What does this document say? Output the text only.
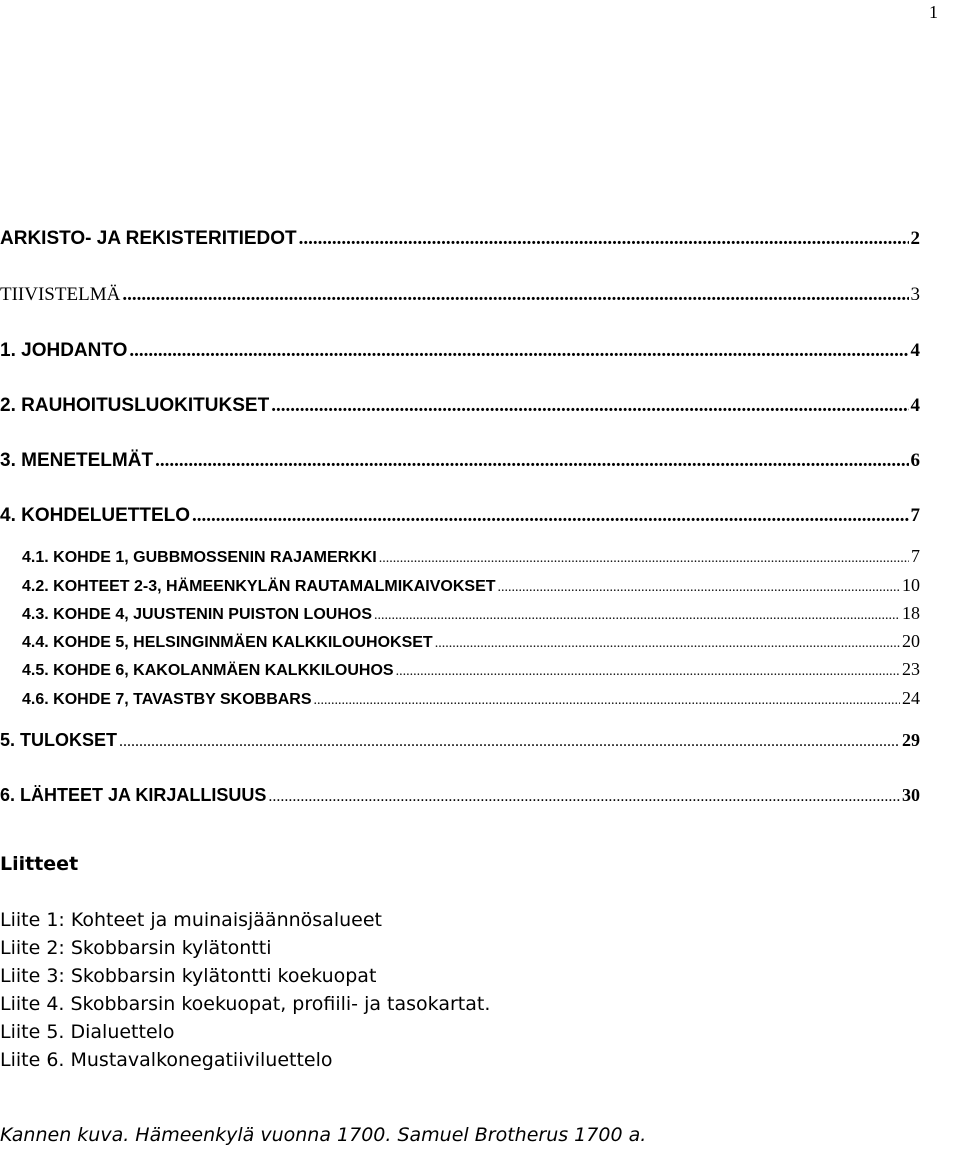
1
ARKISTO- JA REKISTERITIEDOT .....	2
TIIVISTELMÄ .....	3
1. JOHDANTO .....	4
2. RAUHOITUSLUOKITUKSET .....	4
3. MENETELMÄT .....	6
4. KOHDELUETTELO .....	7
4.1. KOHDE 1, GUBBMOSSENIN RAJAMERKKI .....	7
4.2. KOHTEET 2-3, HÄMEENKYLÄN RAUTAMALMIKAIVOKSET .....	10
4.3. KOHDE 4, JUUSTENIN PUISTON LOUHOS .....	18
4.4. KOHDE 5, HELSINGINMÄEN KALKKILOUHOKSET .....	20
4.5. KOHDE 6, KAKOLANMÄEN KALKKILOUHOS .....	23
4.6. KOHDE 7, TAVASTBY SKOBBARS .....	24
5. TULOKSET .....	29
6. LÄHTEET JA KIRJALLISUUS .....	30
Liitteet
Liite 1: Kohteet ja muinaisjäännösalueet
Liite 2: Skobbarsin kylätontti
Liite 3: Skobbarsin kylätontti koekuopat
Liite 4. Skobbarsin koekuopat, profiili- ja tasokartat.
Liite 5. Dialuettelo
Liite 6. Mustavalkonegatiiviluettelo
Kannen kuva. Hämeenkylä vuonna 1700. Samuel Brotherus 1700 a.
